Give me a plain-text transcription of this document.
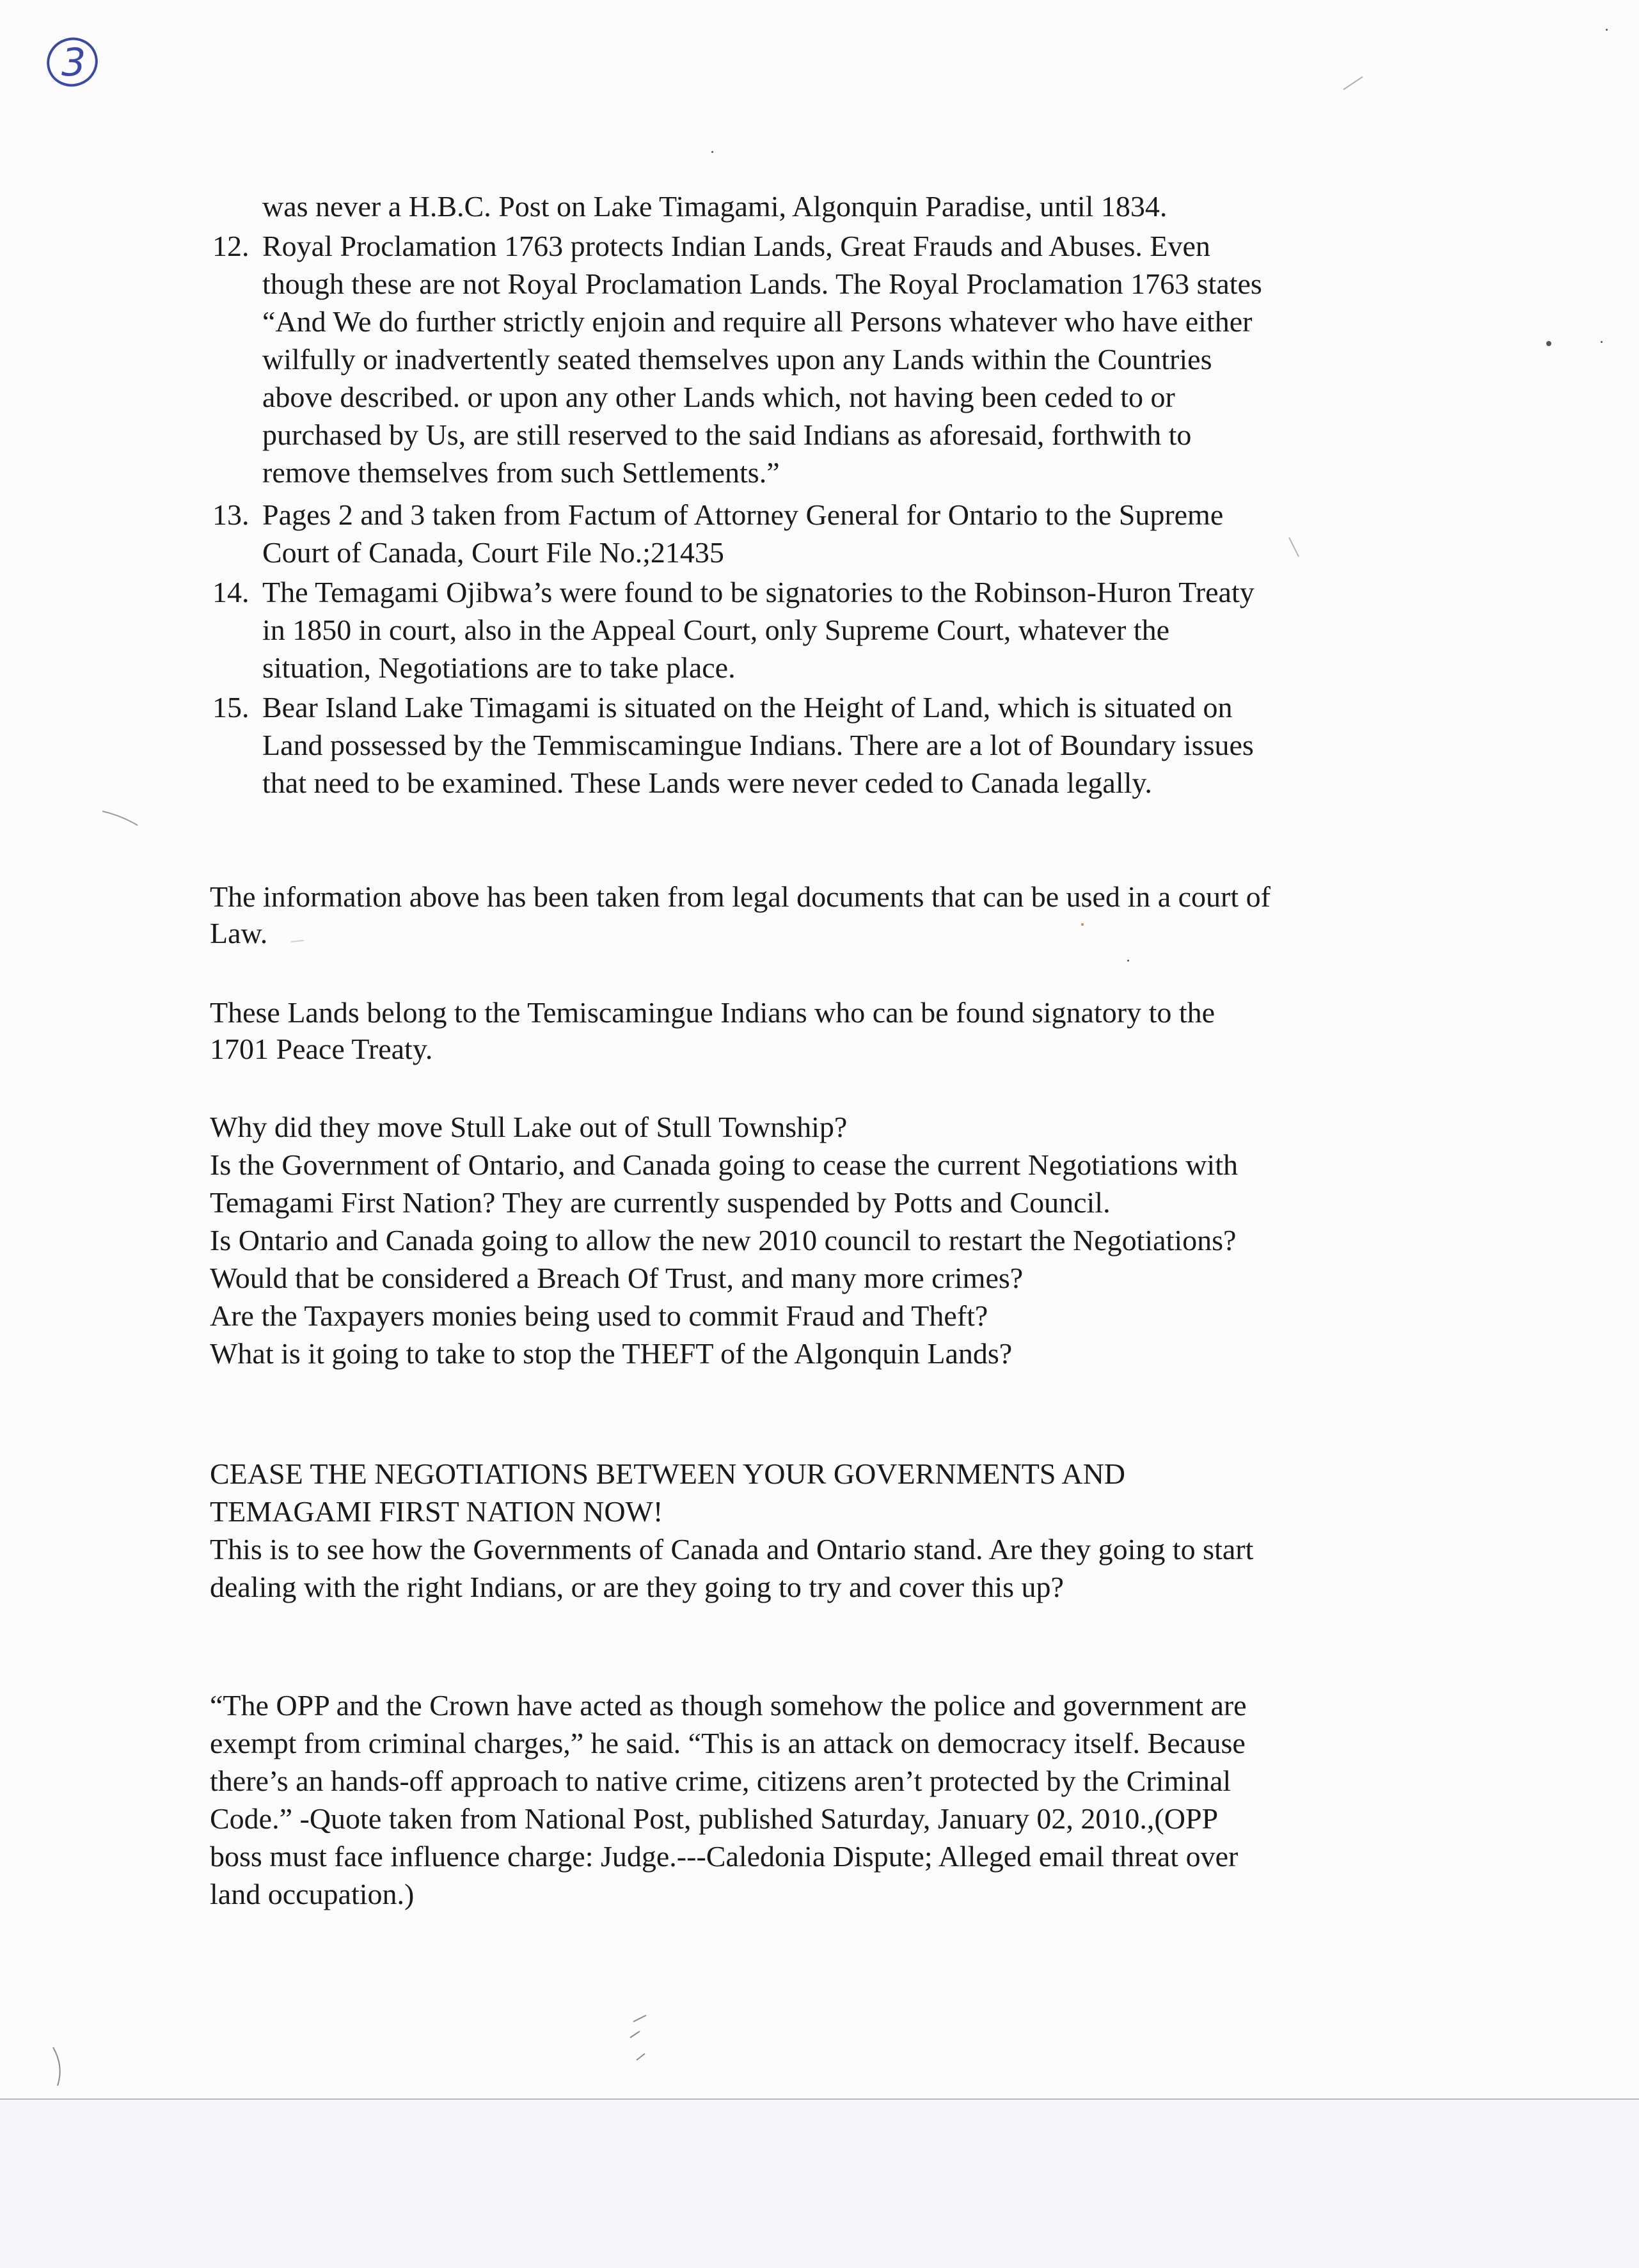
3
was never a H.B.C. Post on Lake Timagami, Algonquin Paradise, until 1834.
12. Royal Proclamation 1763 protects Indian Lands, Great Frauds and Abuses. Even
though these are not Royal Proclamation Lands. The Royal Proclamation 1763 states
“And We do further strictly enjoin and require all Persons whatever who have either
wilfully or inadvertently seated themselves upon any Lands within the Countries
above described. or upon any other Lands which, not having been ceded to or
purchased by Us, are still reserved to the said Indians as aforesaid, forthwith to
remove themselves from such Settlements.”
13. Pages 2 and 3 taken from Factum of Attorney General for Ontario to the Supreme
Court of Canada, Court File No.;21435
14. The Temagami Ojibwa’s were found to be signatories to the Robinson-Huron Treaty
in 1850 in court, also in the Appeal Court, only Supreme Court, whatever the
situation, Negotiations are to take place.
15. Bear Island Lake Timagami is situated on the Height of Land, which is situated on
Land possessed by the Temmiscamingue Indians. There are a lot of Boundary issues
that need to be examined. These Lands were never ceded to Canada legally.
The information above has been taken from legal documents that can be used in a court of
Law.
These Lands belong to the Temiscamingue Indians who can be found signatory to the
1701 Peace Treaty.
Why did they move Stull Lake out of Stull Township?
Is the Government of Ontario, and Canada going to cease the current Negotiations with
Temagami First Nation? They are currently suspended by Potts and Council.
Is Ontario and Canada going to allow the new 2010 council to restart the Negotiations?
Would that be considered a Breach Of Trust, and many more crimes?
Are the Taxpayers monies being used to commit Fraud and Theft?
What is it going to take to stop the THEFT of the Algonquin Lands?
CEASE THE NEGOTIATIONS BETWEEN YOUR GOVERNMENTS AND
TEMAGAMI FIRST NATION NOW!
This is to see how the Governments of Canada and Ontario stand. Are they going to start
dealing with the right Indians, or are they going to try and cover this up?
“The OPP and the Crown have acted as though somehow the police and government are
exempt from criminal charges,” he said. “This is an attack on democracy itself. Because
there’s an hands-off approach to native crime, citizens aren’t protected by the Criminal
Code.” -Quote taken from National Post, published Saturday, January 02, 2010.,(OPP
boss must face influence charge: Judge.---Caledonia Dispute; Alleged email threat over
land occupation.)
